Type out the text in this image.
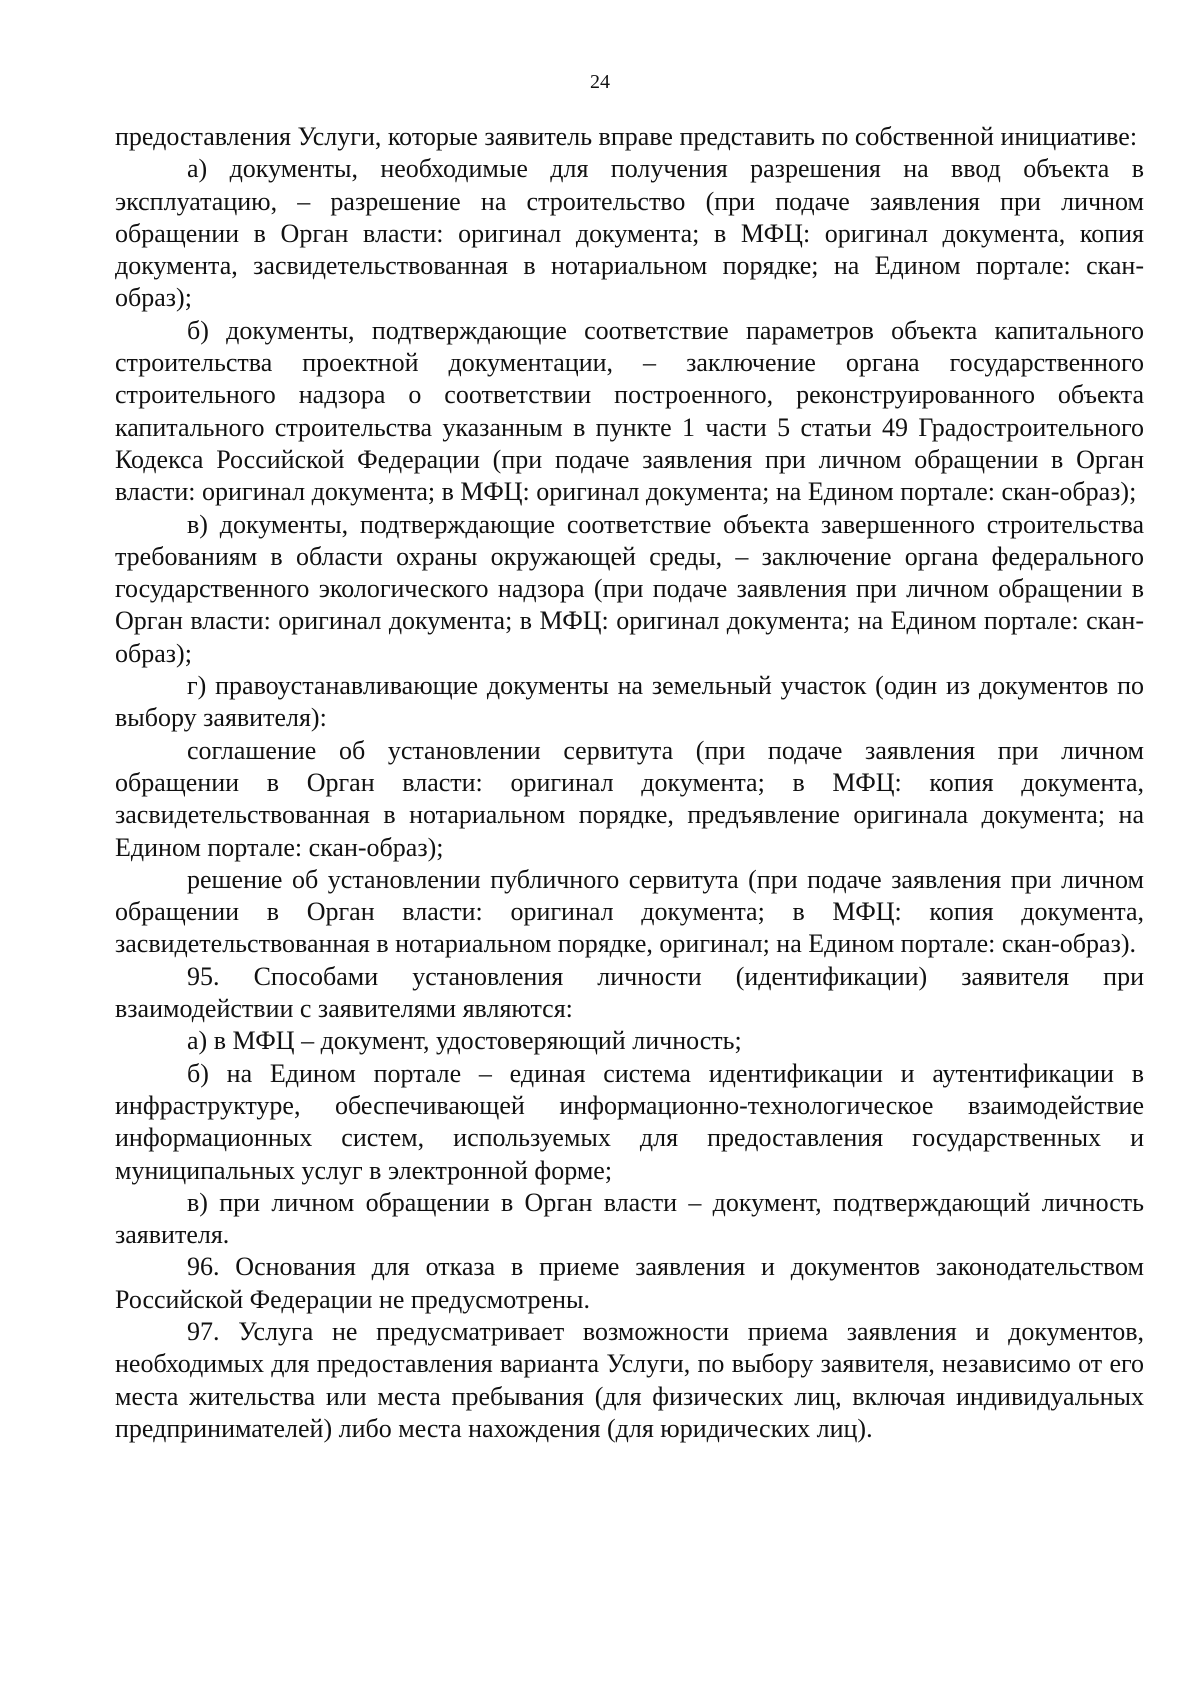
24

предоставления Услуги, которые заявитель вправе представить по собственной инициативе:

а) документы, необходимые для получения разрешения на ввод объекта в эксплуатацию, – разрешение на строительство (при подаче заявления при личном обращении в Орган власти: оригинал документа; в МФЦ: оригинал документа, копия документа, засвидетельствованная в нотариальном порядке; на Едином портале: скан-образ);

б) документы, подтверждающие соответствие параметров объекта капитального строительства проектной документации, – заключение органа государственного строительного надзора о соответствии построенного, реконструированного объекта капитального строительства указанным в пункте 1 части 5 статьи 49 Градостроительного Кодекса Российской Федерации (при подаче заявления при личном обращении в Орган власти: оригинал документа; в МФЦ: оригинал документа; на Едином портале: скан-образ);

в) документы, подтверждающие соответствие объекта завершенного строительства требованиям в области охраны окружающей среды, – заключение органа федерального государственного экологического надзора (при подаче заявления при личном обращении в Орган власти: оригинал документа; в МФЦ: оригинал документа; на Едином портале: скан-образ);

г) правоустанавливающие документы на земельный участок (один из документов по выбору заявителя):

соглашение об установлении сервитута (при подаче заявления при личном обращении в Орган власти: оригинал документа; в МФЦ: копия документа, засвидетельствованная в нотариальном порядке, предъявление оригинала документа; на Едином портале: скан-образ);

решение об установлении публичного сервитута (при подаче заявления при личном обращении в Орган власти: оригинал документа; в МФЦ: копия документа, засвидетельствованная в нотариальном порядке, оригинал; на Едином портале: скан-образ).

95. Способами установления личности (идентификации) заявителя при взаимодействии с заявителями являются:

а) в МФЦ – документ, удостоверяющий личность;

б) на Едином портале – единая система идентификации и аутентификации в инфраструктуре, обеспечивающей информационно-технологическое взаимодействие информационных систем, используемых для предоставления государственных и муниципальных услуг в электронной форме;

в) при личном обращении в Орган власти – документ, подтверждающий личность заявителя.

96. Основания для отказа в приеме заявления и документов законодательством Российской Федерации не предусмотрены.

97. Услуга не предусматривает возможности приема заявления и документов, необходимых для предоставления варианта Услуги, по выбору заявителя, независимо от его места жительства или места пребывания (для физических лиц, включая индивидуальных предпринимателей) либо места нахождения (для юридических лиц).
